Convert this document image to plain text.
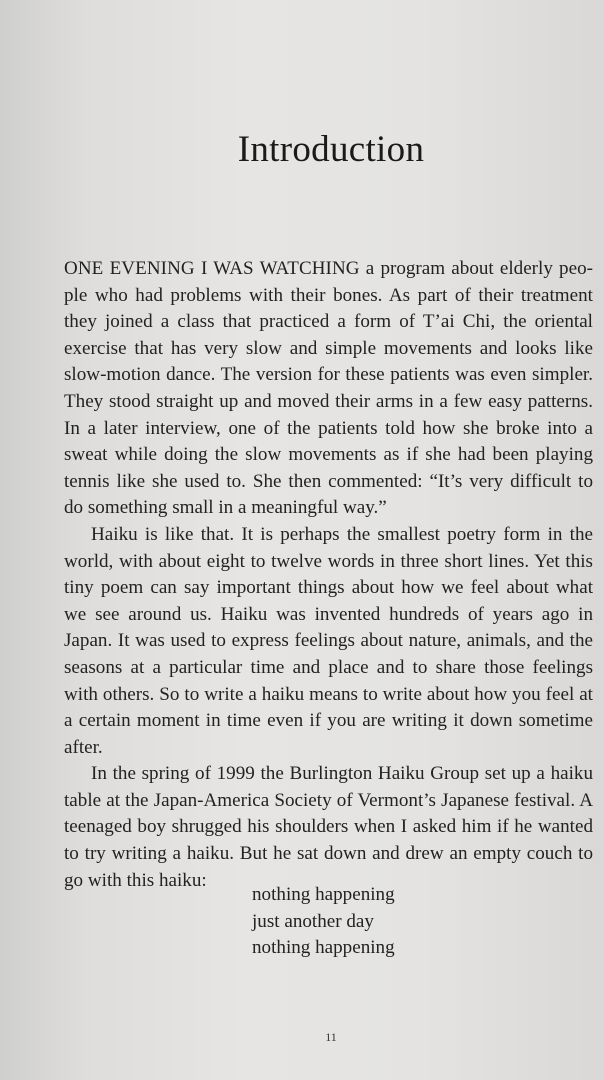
Introduction

ONE EVENING I WAS WATCHING a program about elderly people who had problems with their bones. As part of their treatment they joined a class that practiced a form of T’ai Chi, the oriental exercise that has very slow and simple movements and looks like slow-motion dance. The version for these patients was even simpler. They stood straight up and moved their arms in a few easy patterns. In a later interview, one of the patients told how she broke into a sweat while doing the slow movements as if she had been playing tennis like she used to. She then commented: “It’s very difficult to do something small in a meaningful way.”

Haiku is like that. It is perhaps the smallest poetry form in the world, with about eight to twelve words in three short lines. Yet this tiny poem can say important things about how we feel about what we see around us. Haiku was invented hundreds of years ago in Japan. It was used to express feelings about nature, animals, and the seasons at a particular time and place and to share those feelings with others. So to write a haiku means to write about how you feel at a certain moment in time even if you are writing it down sometime after.

In the spring of 1999 the Burlington Haiku Group set up a haiku table at the Japan-America Society of Vermont’s Japanese festival. A teenaged boy shrugged his shoulders when I asked him if he wanted to try writing a haiku. But he sat down and drew an empty couch to go with this haiku:

nothing happening
just another day
nothing happening
11
